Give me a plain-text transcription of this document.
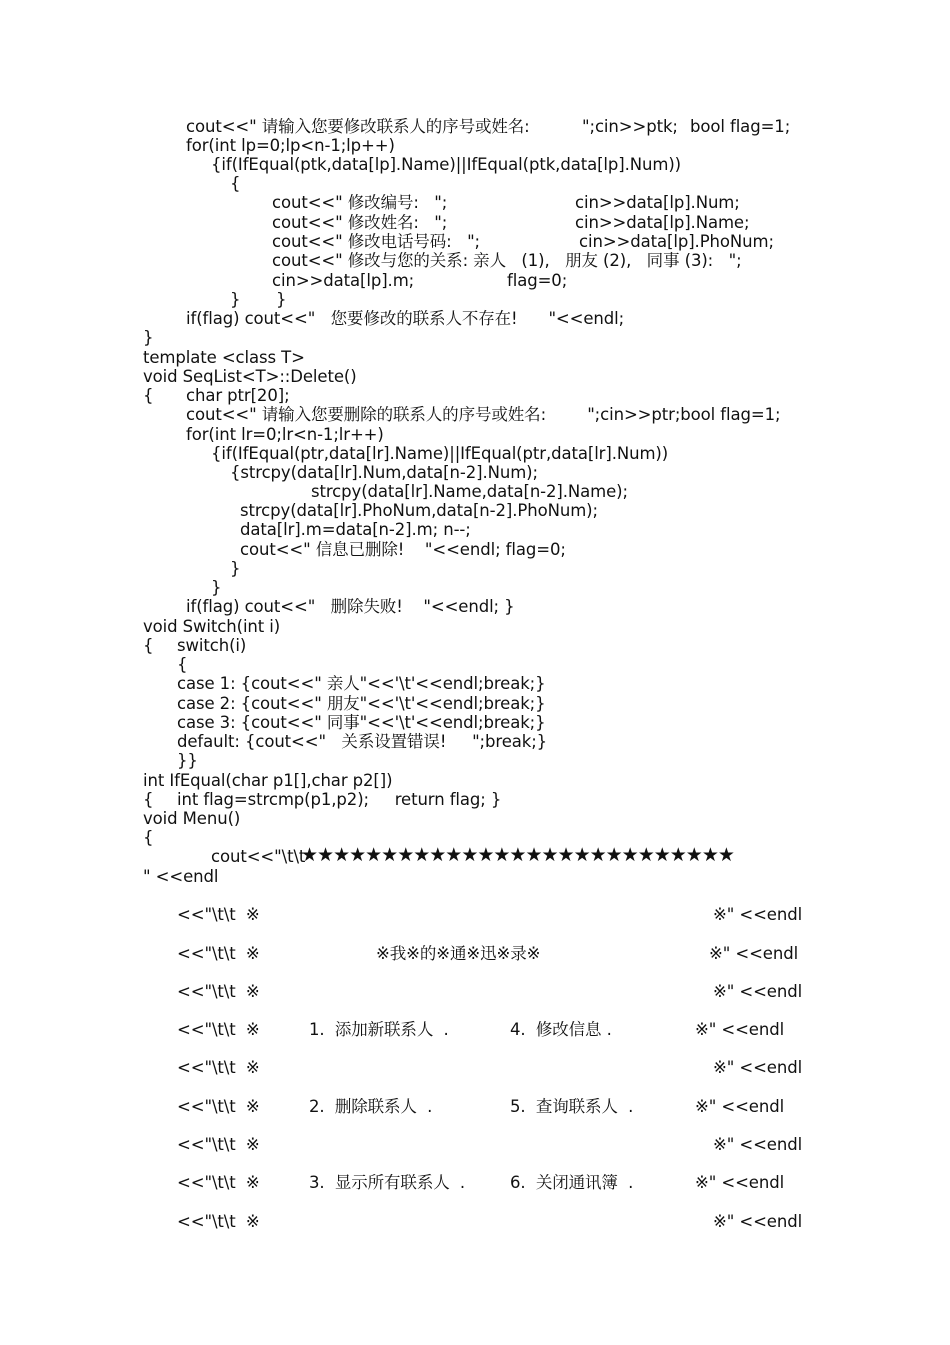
cout<<" 请输入您要修改联系人的序号或姓名:	";cin>>ptk; bool flag=1;
for(int lp=0;lp<n-1;lp++)
{if(IfEqual(ptk,data[lp].Name)||IfEqual(ptk,data[lp].Num))
{
cout<<" 修改编号:   ";	cin>>data[lp].Num;
cout<<" 修改姓名:   ";	cin>>data[lp].Name;
cout<<" 修改电话号码:   ";	cin>>data[lp].PhoNum;
cout<<" 修改与您的关系: 亲人   (1),   朋友 (2),   同事 (3):   ";
cin>>data[lp].m;	flag=0;
} }
if(flag) cout<<"   您要修改的联系人不存在!      "<<endl;
}
template <class T>
void SeqList<T>::Delete()
{ char ptr[20];
cout<<" 请输入您要删除的联系人的序号或姓名:        ";cin>>ptr;bool flag=1;
for(int lr=0;lr<n-1;lr++)
{if(IfEqual(ptr,data[lr].Name)||IfEqual(ptr,data[lr].Num))
{strcpy(data[lr].Num,data[n-2].Num);
strcpy(data[lr].Name,data[n-2].Name);
strcpy(data[lr].PhoNum,data[n-2].PhoNum);
data[lr].m=data[n-2].m; n--;
cout<<" 信息已删除!    "<<endl; flag=0;
}
}
if(flag) cout<<"   删除失败!    "<<endl; }
void Switch(int i)
{ switch(i)
{
case 1: {cout<<" 亲人"<<'\t'<<endl;break;}
case 2: {cout<<" 朋友"<<'\t'<<endl;break;}
case 3: {cout<<" 同事"<<'\t'<<endl;break;}
default: {cout<<"   关系设置错误!     ";break;}
}}
int IfEqual(char p1[],char p2[])
{ int flag=strcmp(p1,p2);     return flag; }
void Menu()
{
cout<<"\t\t
★★★★★★★★★★★★★★★★★★★★★★★★★★★
" <<endl
<<"\t\t  ※	※" <<endl
<<"\t\t  ※	※我※的※通※迅※录※	※" <<endl
<<"\t\t  ※	※" <<endl
<<"\t\t  ※	1.  添加新联系人  .	4.  修改信息 .	※" <<endl
<<"\t\t  ※	※" <<endl
<<"\t\t  ※	2.  删除联系人  .	5.  查询联系人  .	※" <<endl
<<"\t\t  ※	※" <<endl
<<"\t\t  ※	3.  显示所有联系人  .	6.  关闭通讯簿  .	※" <<endl
<<"\t\t  ※	※" <<endl
